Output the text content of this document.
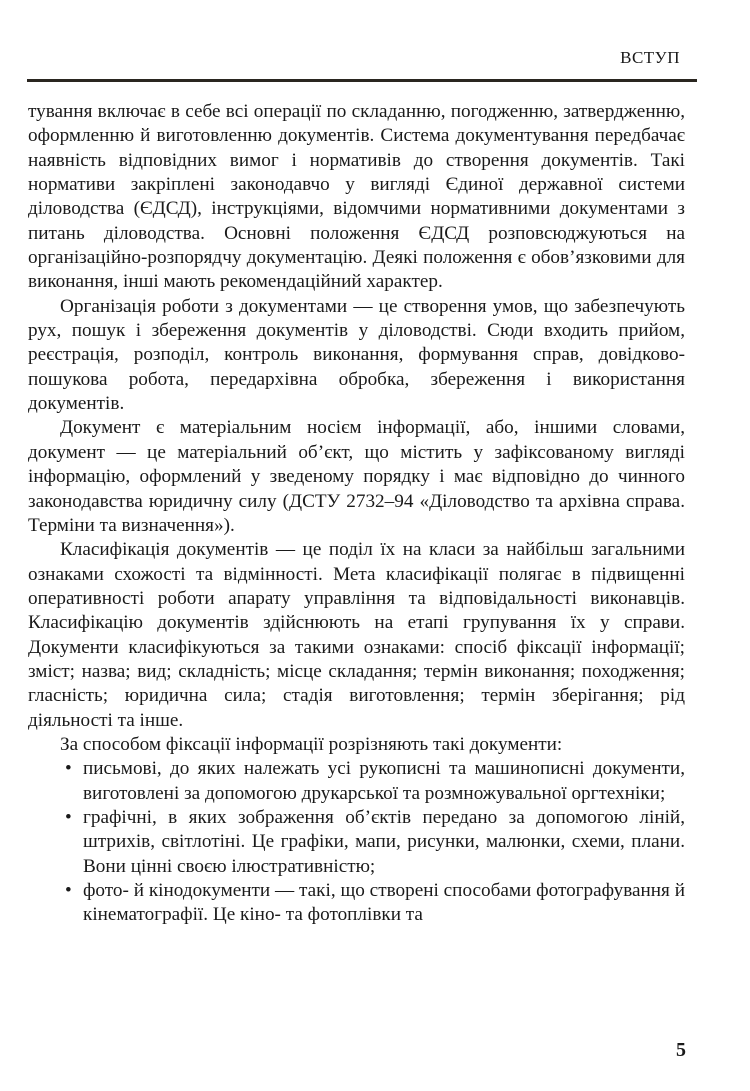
ВСТУП

тування включає в себе всі операції по складанню, погодженню, затвердженню, оформленню й виготовленню документів. Система документування передбачає наявність відповідних вимог і нормативів до створення документів. Такі нормативи закріплені законодавчо у вигляді Єдиної державної системи діловодства (ЄДСД), інструкціями, відомчими нормативними документами з питань діловодства. Основні положення ЄДСД розповсюджуються на організаційно-розпорядчу документацію. Деякі положення є обов’язковими для виконання, інші мають рекомендаційний характер.

Організація роботи з документами — це створення умов, що забезпечують рух, пошук і збереження документів у діловодстві. Сюди входить прийом, реєстрація, розподіл, контроль виконання, формування справ, довідково-пошукова робота, передархівна обробка, збереження і використання документів.

Документ є матеріальним носієм інформації, або, іншими словами, документ — це матеріальний об’єкт, що містить у зафіксованому вигляді інформацію, оформлений у зведеному порядку і має відповідно до чинного законодавства юридичну силу (ДСТУ 2732–94 «Діловодство та архівна справа. Терміни та визначення»).

Класифікація документів — це поділ їх на класи за найбільш загальними ознаками схожості та відмінності. Мета класифікації полягає в підвищенні оперативності роботи апарату управління та відповідальності виконавців. Класифікацію документів здійснюють на етапі групування їх у справи. Документи класифікуються за такими ознаками: спосіб фіксації інформації; зміст; назва; вид; складність; місце складання; термін виконання; походження; гласність; юридична сила; стадія виготовлення; термін зберігання; рід діяльності та інше.

За способом фіксації інформації розрізняють такі документи:

• письмові, до яких належать усі рукописні та машинописні документи, виготовлені за допомогою друкарської та розмножувальної оргтехніки;
• графічні, в яких зображення об’єктів передано за допомогою ліній, штрихів, світлотіні. Це графіки, мапи, рисунки, малюнки, схеми, плани. Вони цінні своєю ілюстративністю;
• фото- й кінодокументи — такі, що створені способами фотографування й кінематографії. Це кіно- та фотоплівки та
5
